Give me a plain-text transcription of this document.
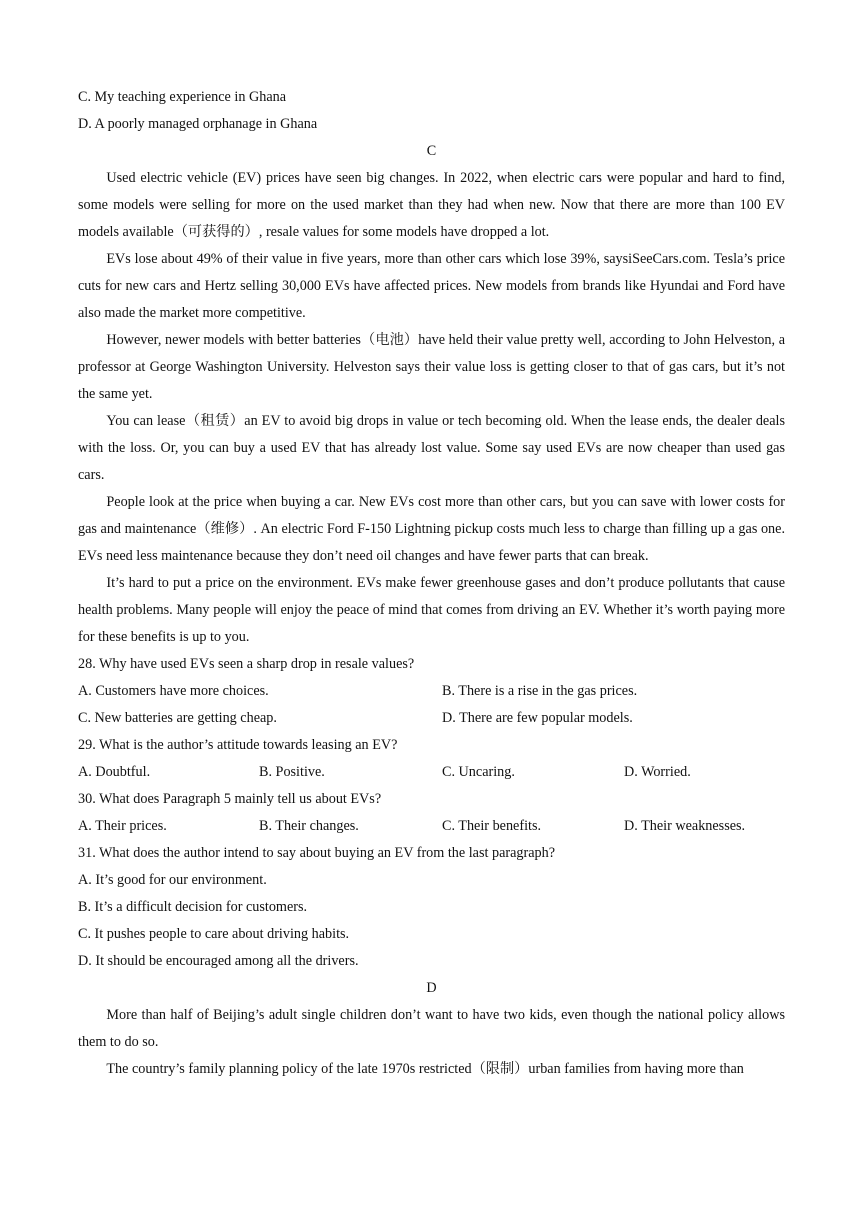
C. My teaching experience in Ghana
D. A poorly managed orphanage in Ghana
C

Used electric vehicle (EV) prices have seen big changes. In 2022, when electric cars were popular and hard to find, some models were selling for more on the used market than they had when new. Now that there are more than 100 EV models available（可获得的）, resale values for some models have dropped a lot.

EVs lose about 49% of their value in five years, more than other cars which lose 39%, saysiSeeCars.com. Tesla’s price cuts for new cars and Hertz selling 30,000 EVs have affected prices. New models from brands like Hyundai and Ford have also made the market more competitive.

However, newer models with better batteries（电池）have held their value pretty well, according to John Helveston, a professor at George Washington University. Helveston says their value loss is getting closer to that of gas cars, but it’s not the same yet.

You can lease（租赁）an EV to avoid big drops in value or tech becoming old. When the lease ends, the dealer deals with the loss. Or, you can buy a used EV that has already lost value. Some say used EVs are now cheaper than used gas cars.

People look at the price when buying a car. New EVs cost more than other cars, but you can save with lower costs for gas and maintenance（维修）. An electric Ford F-150 Lightning pickup costs much less to charge than filling up a gas one. EVs need less maintenance because they don’t need oil changes and have fewer parts that can break.

It’s hard to put a price on the environment. EVs make fewer greenhouse gases and don’t produce pollutants that cause health problems. Many people will enjoy the peace of mind that comes from driving an EV. Whether it’s worth paying more for these benefits is up to you.

28. Why have used EVs seen a sharp drop in resale values?
A. Customers have more choices.	B. There is a rise in the gas prices.
C. New batteries are getting cheap.	D. There are few popular models.
29. What is the author’s attitude towards leasing an EV?
A. Doubtful.	B. Positive.	C. Uncaring.	D. Worried.
30. What does Paragraph 5 mainly tell us about EVs?
A. Their prices.	B. Their changes.	C. Their benefits.	D. Their weaknesses.
31. What does the author intend to say about buying an EV from the last paragraph?
A. It’s good for our environment.
B. It’s a difficult decision for customers.
C. It pushes people to care about driving habits.
D. It should be encouraged among all the drivers.
D

More than half of Beijing’s adult single children don’t want to have two kids, even though the national policy allows them to do so.

The country’s family planning policy of the late 1970s restricted（限制）urban families from having more than
